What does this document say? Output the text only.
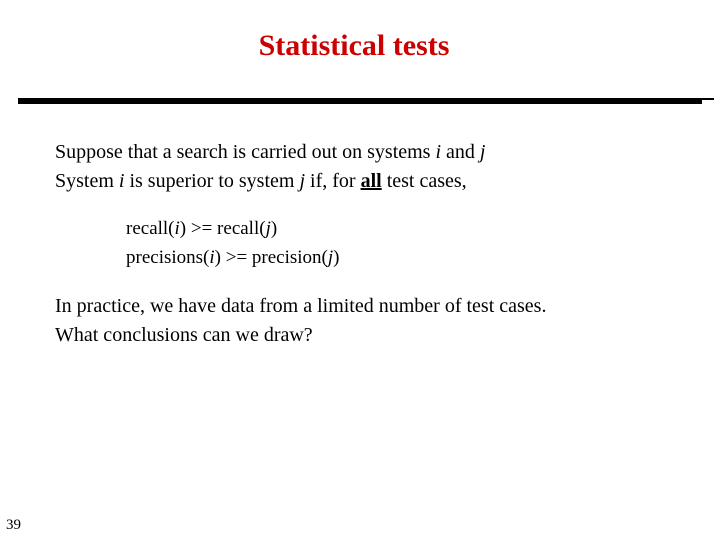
Statistical tests

Suppose that a search is carried out on systems i and j

System i is superior to system j if, for all test cases,

recall(i) >= recall(j)

precisions(i) >= precision(j)

In practice, we have data from a limited number of test cases.

What conclusions can we draw?

39
